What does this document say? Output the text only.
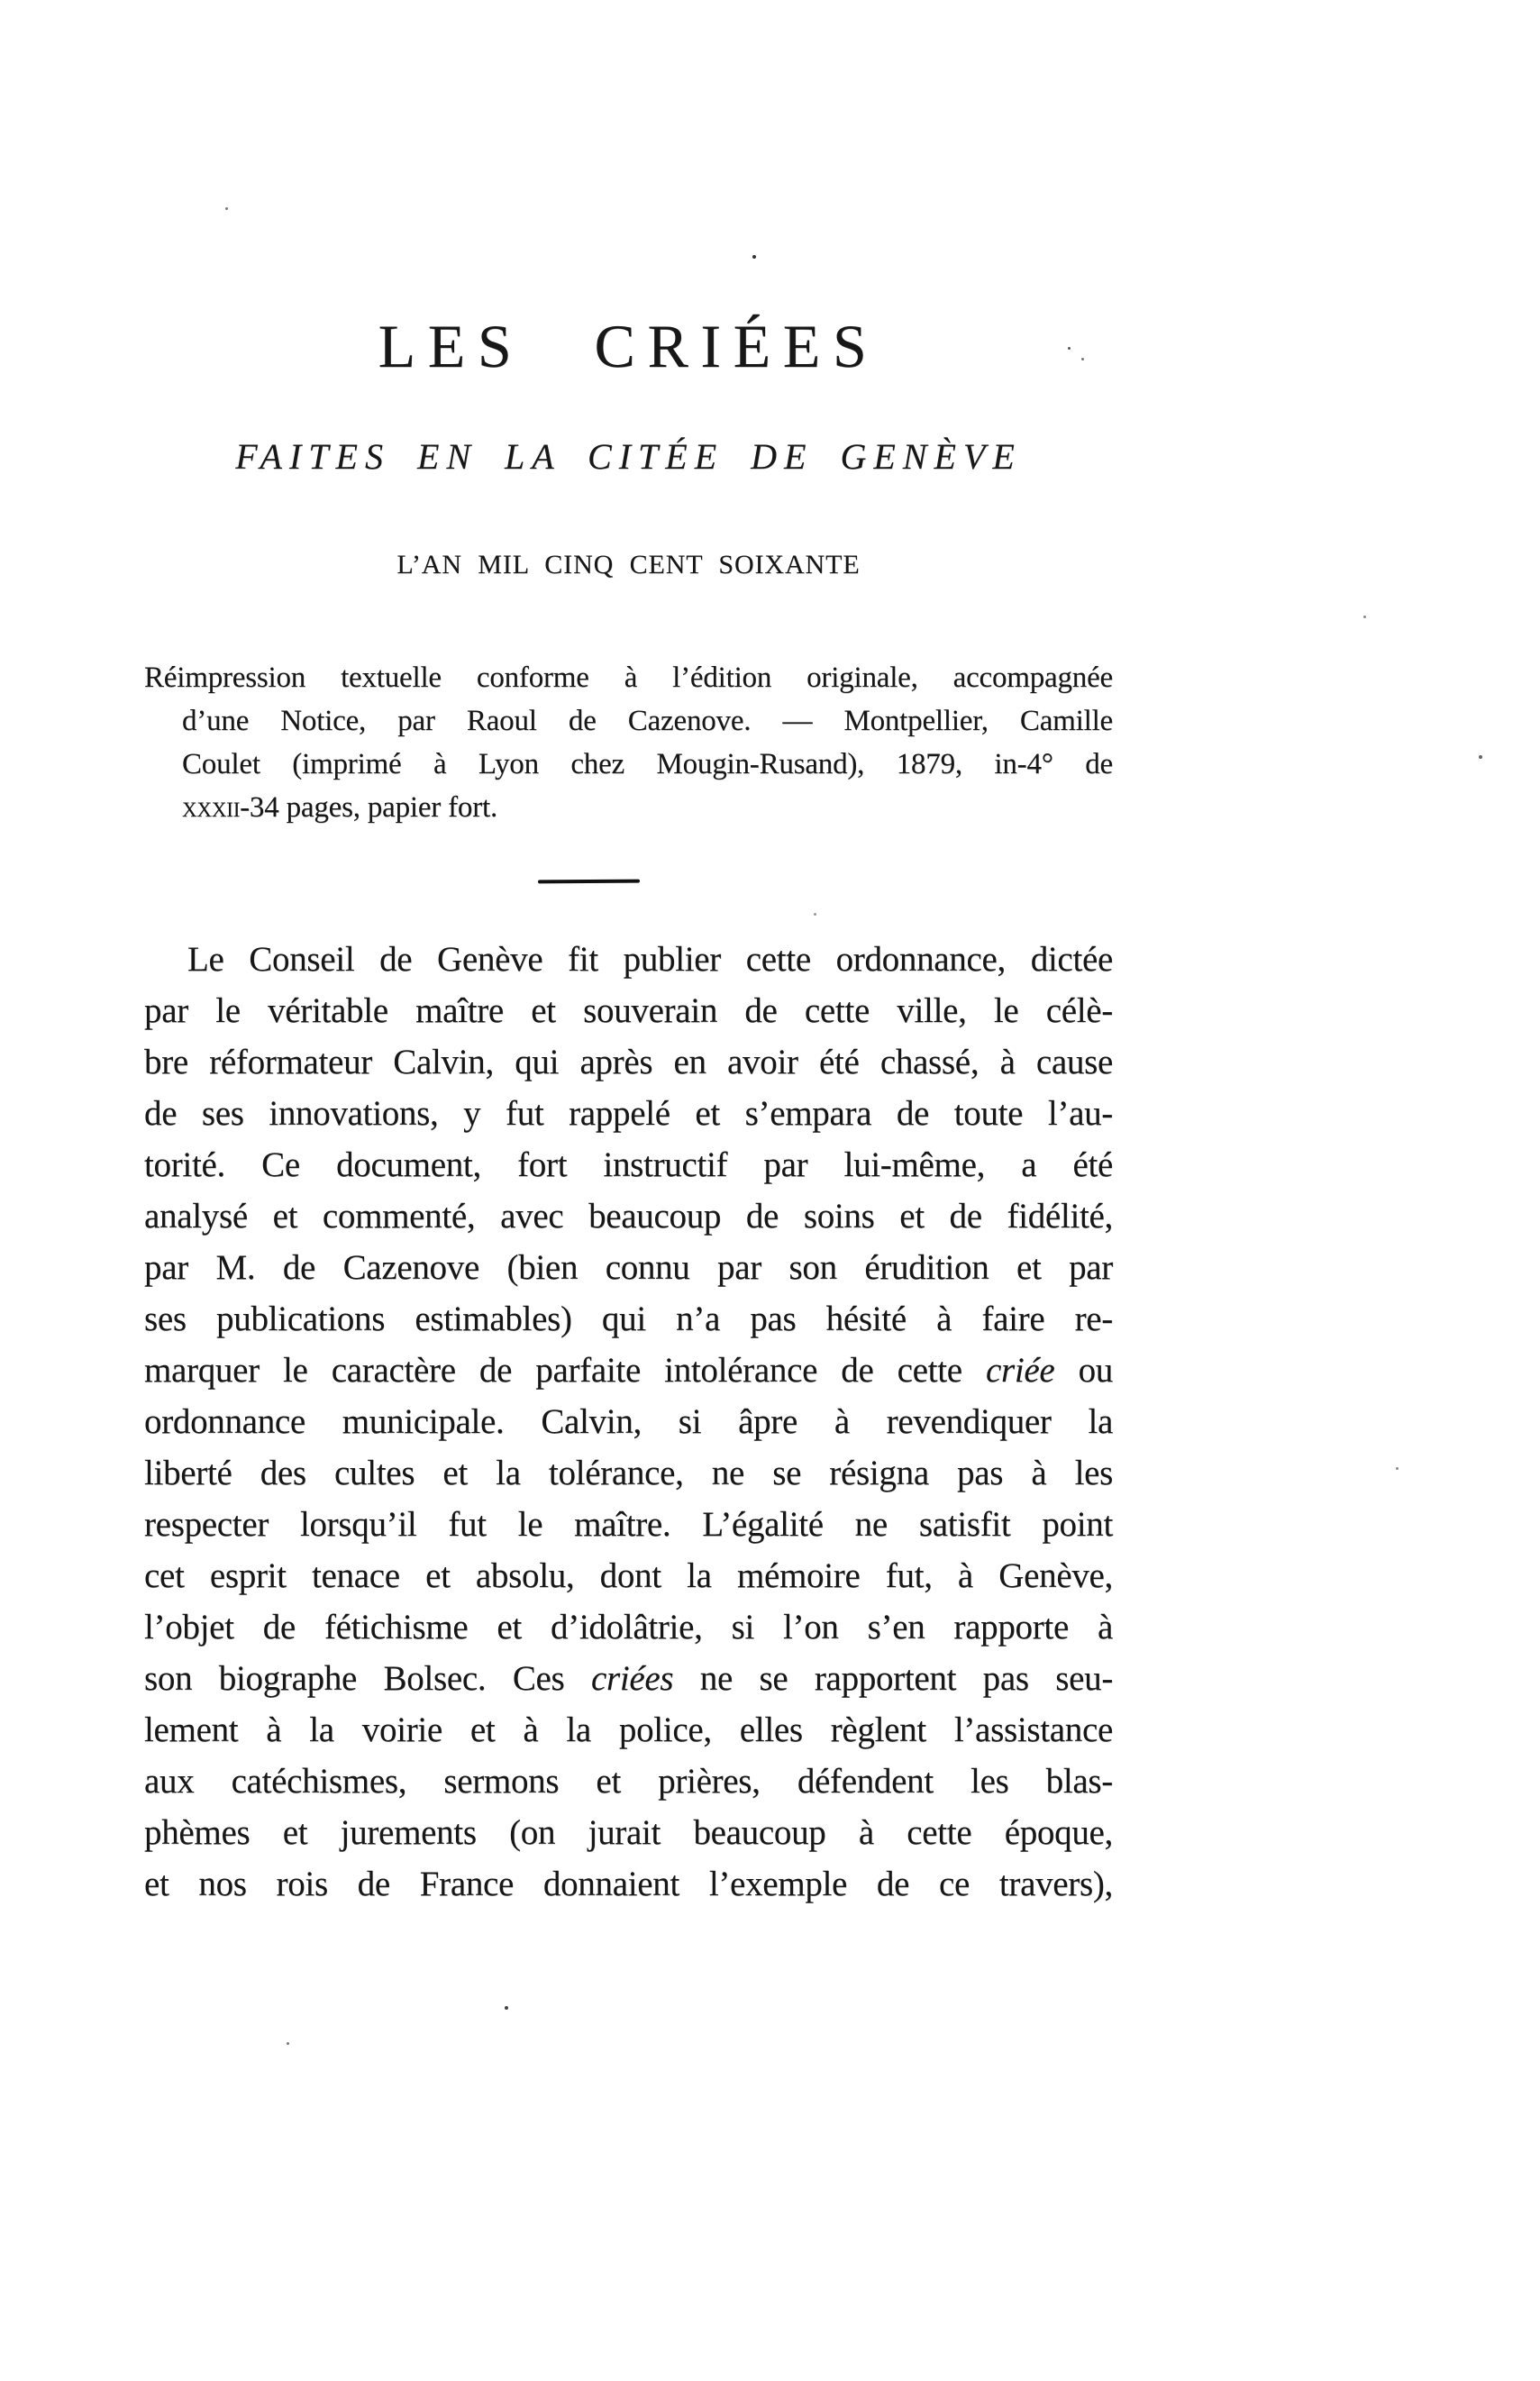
LES CRIÉES
FAITES EN LA CITÉE DE GENÈVE
L’AN MIL CINQ CENT SOIXANTE
Réimpression textuelle conforme à l’édition originale, accompagnée
d’une Notice, par Raoul de Cazenove. — Montpellier, Camille
Coulet (imprimé à Lyon chez Mougin-Rusand), 1879, in-4° de
xxxii-34 pages, papier fort.
Le Conseil de Genève fit publier cette ordonnance, dictée
par le véritable maître et souverain de cette ville, le célè-
bre réformateur Calvin, qui après en avoir été chassé, à cause
de ses innovations, y fut rappelé et s’empara de toute l’au-
torité. Ce document, fort instructif par lui-même, a été
analysé et commenté, avec beaucoup de soins et de fidélité,
par M. de Cazenove (bien connu par son érudition et par
ses publications estimables) qui n’a pas hésité à faire re-
marquer le caractère de parfaite intolérance de cette criée ou
ordonnance municipale. Calvin, si âpre à revendiquer la
liberté des cultes et la tolérance, ne se résigna pas à les
respecter lorsqu’il fut le maître. L’égalité ne satisfit point
cet esprit tenace et absolu, dont la mémoire fut, à Genève,
l’objet de fétichisme et d’idolâtrie, si l’on s’en rapporte à
son biographe Bolsec. Ces criées ne se rapportent pas seu-
lement à la voirie et à la police, elles règlent l’assistance
aux catéchismes, sermons et prières, défendent les blas-
phèmes et jurements (on jurait beaucoup à cette époque,
et nos rois de France donnaient l’exemple de ce travers),
